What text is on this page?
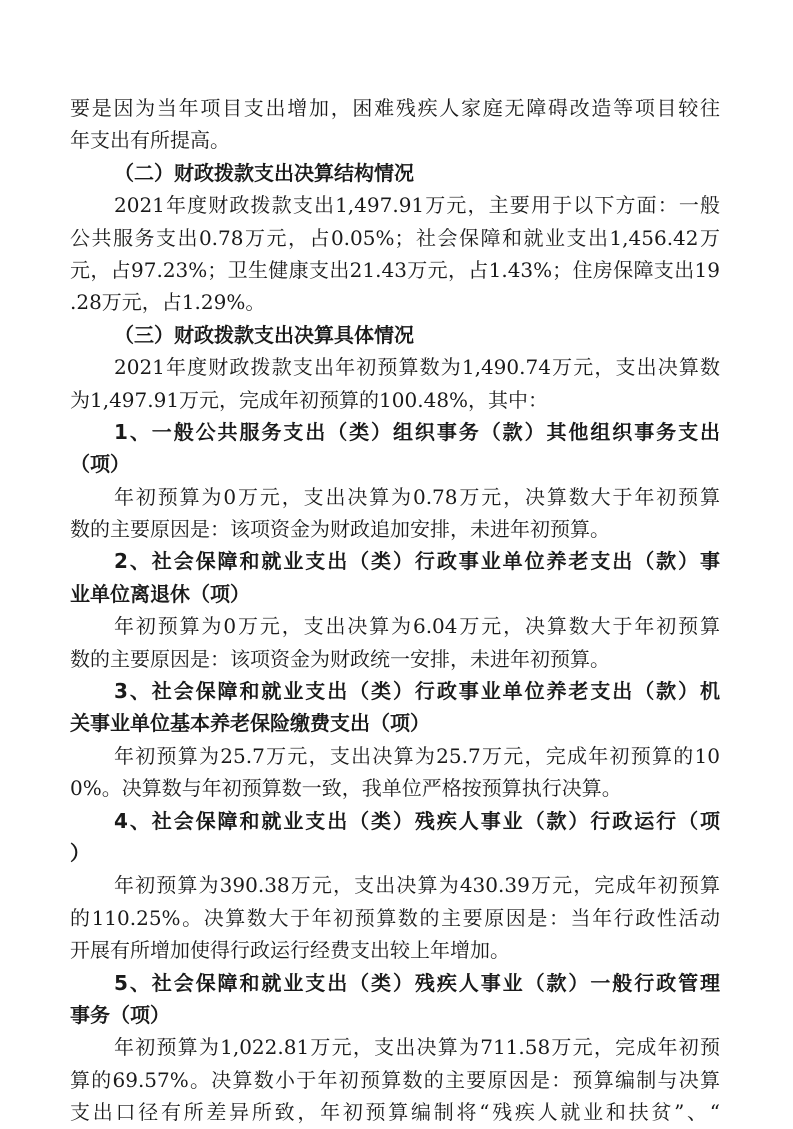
要是因为当年项目支出增加，困难残疾人家庭无障碍改造等项目较往
年支出有所提高。
（二）财政拨款支出决算结构情况
2021年度财政拨款支出1,497.91万元，主要用于以下方面：一般
公共服务支出0.78万元，占0.05%；社会保障和就业支出1,456.42万
元，占97.23%；卫生健康支出21.43万元，占1.43%；住房保障支出19
.28万元，占1.29%。
（三）财政拨款支出决算具体情况
2021年度财政拨款支出年初预算数为1,490.74万元，支出决算数
为1,497.91万元，完成年初预算的100.48%，其中：
1、一般公共服务支出（类）组织事务（款）其他组织事务支出
（项）
年初预算为0万元，支出决算为0.78万元，决算数大于年初预算
数的主要原因是：该项资金为财政追加安排，未进年初预算。
2、社会保障和就业支出（类）行政事业单位养老支出（款）事
业单位离退休（项）
年初预算为0万元，支出决算为6.04万元，决算数大于年初预算
数的主要原因是：该项资金为财政统一安排，未进年初预算。
3、社会保障和就业支出（类）行政事业单位养老支出（款）机
关事业单位基本养老保险缴费支出（项）
年初预算为25.7万元，支出决算为25.7万元，完成年初预算的10
0%。决算数与年初预算数一致，我单位严格按预算执行决算。
4、社会保障和就业支出（类）残疾人事业（款）行政运行（项
）
年初预算为390.38万元，支出决算为430.39万元，完成年初预算
的110.25%。决算数大于年初预算数的主要原因是：当年行政性活动
开展有所增加使得行政运行经费支出较上年增加。
5、社会保障和就业支出（类）残疾人事业（款）一般行政管理
事务（项）
年初预算为1,022.81万元，支出决算为711.58万元，完成年初预
算的69.57%。决算数小于年初预算数的主要原因是：预算编制与决算
支出口径有所差异所致，年初预算编制将“残疾人就业和扶贫”、“
